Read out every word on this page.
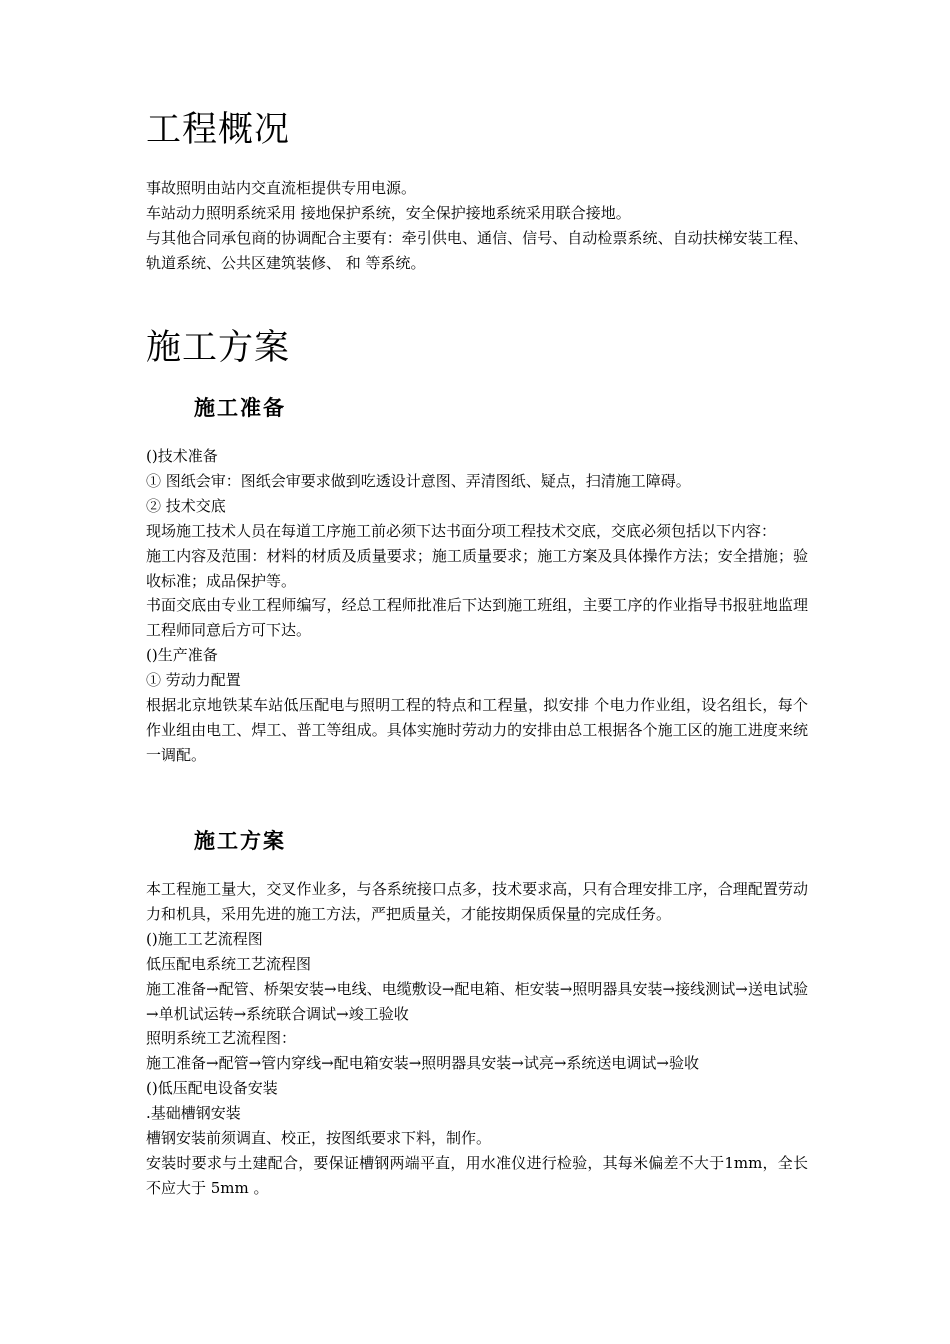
工程概况

事故照明由站内交直流柜提供专用电源。

车站动力照明系统采用 接地保护系统，安全保护接地系统采用联合接地。

与其他合同承包商的协调配合主要有：牵引供电、通信、信号、自动检票系统、自动扶梯安装工程、轨道系统、公共区建筑装修、 和 等系统。

施工方案
施工准备

()技术准备

① 图纸会审：图纸会审要求做到吃透设计意图、弄清图纸、疑点，扫清施工障碍。

② 技术交底

现场施工技术人员在每道工序施工前必须下达书面分项工程技术交底，交底必须包括以下内容：

施工内容及范围：材料的材质及质量要求；施工质量要求；施工方案及具体操作方法；安全措施；验收标准；成品保护等。

书面交底由专业工程师编写，经总工程师批准后下达到施工班组，主要工序的作业指导书报驻地监理工程师同意后方可下达。

()生产准备

① 劳动力配置

根据北京地铁某车站低压配电与照明工程的特点和工程量，拟安排 个电力作业组，设名组长，每个作业组由电工、焊工、普工等组成。具体实施时劳动力的安排由总工根据各个施工区的施工进度来统一调配。

施工方案

本工程施工量大，交叉作业多，与各系统接口点多，技术要求高，只有合理安排工序，合理配置劳动力和机具，采用先进的施工方法，严把质量关，才能按期保质保量的完成任务。

()施工工艺流程图

低压配电系统工艺流程图

施工准备→配管、桥架安装→电线、电缆敷设→配电箱、柜安装→照明器具安装→接线测试→送电试验→单机试运转→系统联合调试→竣工验收

照明系统工艺流程图：

施工准备→配管→管内穿线→配电箱安装→照明器具安装→试亮→系统送电调试→验收

()低压配电设备安装

.基础槽钢安装

槽钢安装前须调直、校正，按图纸要求下料，制作。

安装时要求与土建配合，要保证槽钢两端平直，用水准仪进行检验，其每米偏差不大于1mm，全长不应大于 5mm 。
